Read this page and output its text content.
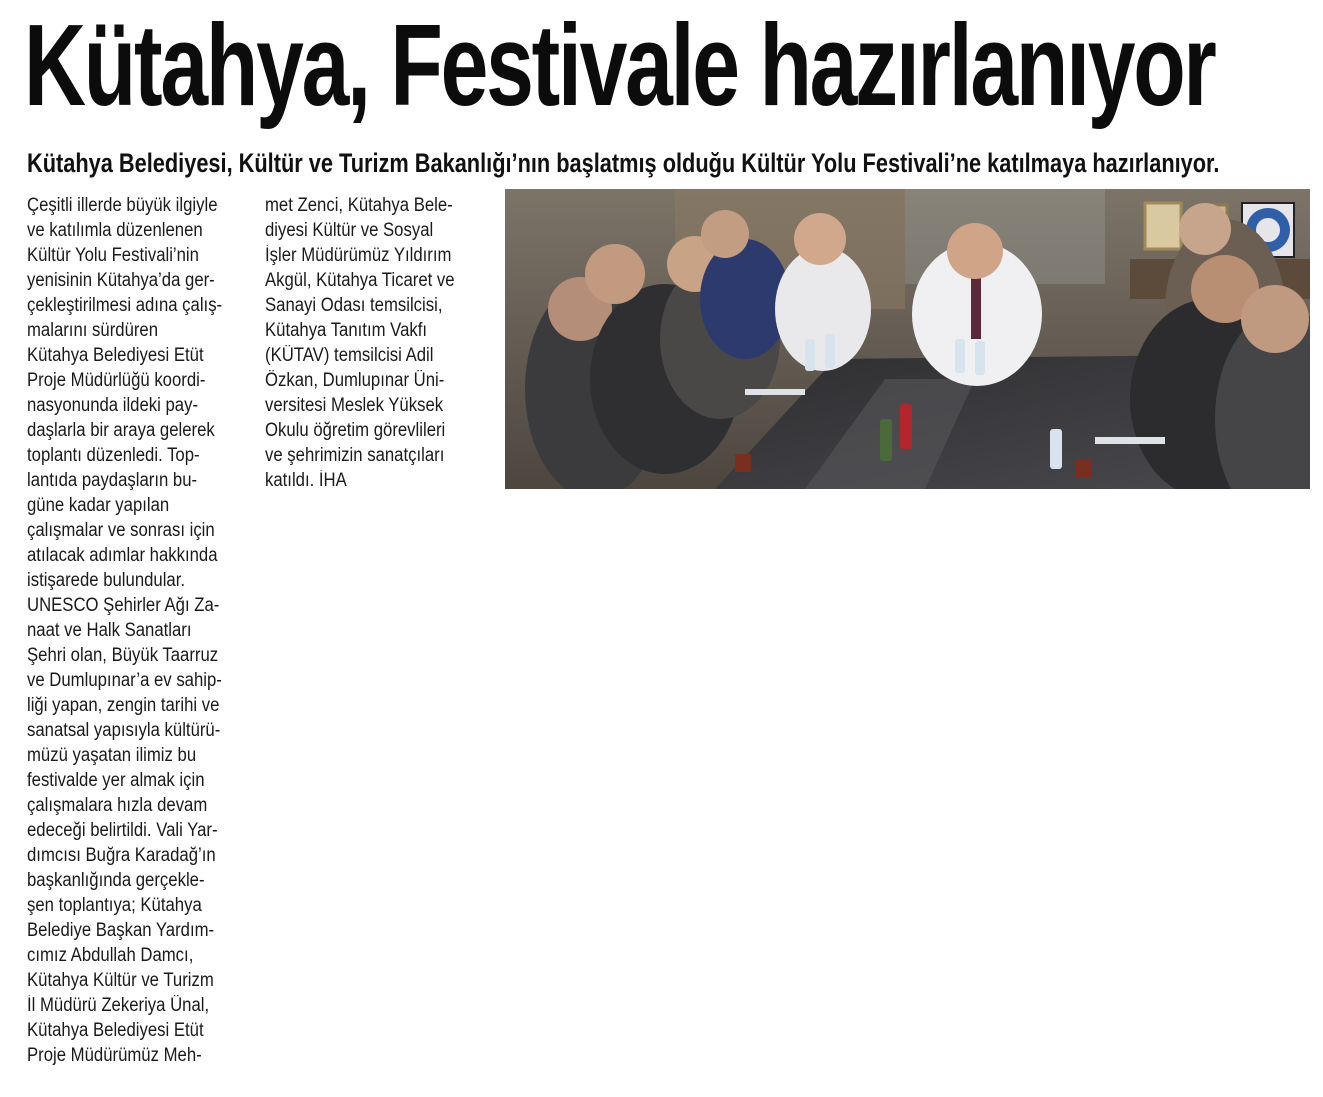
Kütahya, Festivale hazırlanıyor
Kütahya Belediyesi, Kültür ve Turizm Bakanlığı’nın başlatmış olduğu Kültür Yolu Festivali’ne katılmaya hazırlanıyor.
Çeşitli illerde büyük ilgiyle
ve katılımla düzenlenen
Kültür Yolu Festivali’nin
yenisinin Kütahya’da ger-
çekleştirilmesi adına çalış-
malarını sürdüren
Kütahya Belediyesi Etüt
Proje Müdürlüğü koordi-
nasyonunda ildeki pay-
daşlarla bir araya gelerek
toplantı düzenledi. Top-
lantıda paydaşların bu-
güne kadar yapılan
çalışmalar ve sonrası için
atılacak adımlar hakkında
istişarede bulundular.
UNESCO Şehirler Ağı Za-
naat ve Halk Sanatları
Şehri olan, Büyük Taarruz
ve Dumlupınar’a ev sahip-
liği yapan, zengin tarihi ve
sanatsal yapısıyla kültürü-
müzü yaşatan ilimiz bu
festivalde yer almak için
çalışmalara hızla devam
edeceği belirtildi. Vali Yar-
dımcısı Buğra Karadağ’ın
başkanlığında gerçekle-
şen toplantıya; Kütahya
Belediye Başkan Yardım-
cımız Abdullah Damcı,
Kütahya Kültür ve Turizm
İl Müdürü Zekeriya Ünal,
Kütahya Belediyesi Etüt
Proje Müdürümüz Meh-
met Zenci, Kütahya Bele-
diyesi Kültür ve Sosyal
İşler Müdürümüz Yıldırım
Akgül, Kütahya Ticaret ve
Sanayi Odası temsilcisi,
Kütahya Tanıtım Vakfı
(KÜTAV) temsilcisi Adil
Özkan, Dumlupınar Üni-
versitesi Meslek Yüksek
Okulu öğretim görevlileri
ve şehrimizin sanatçıları
katıldı. İHA
